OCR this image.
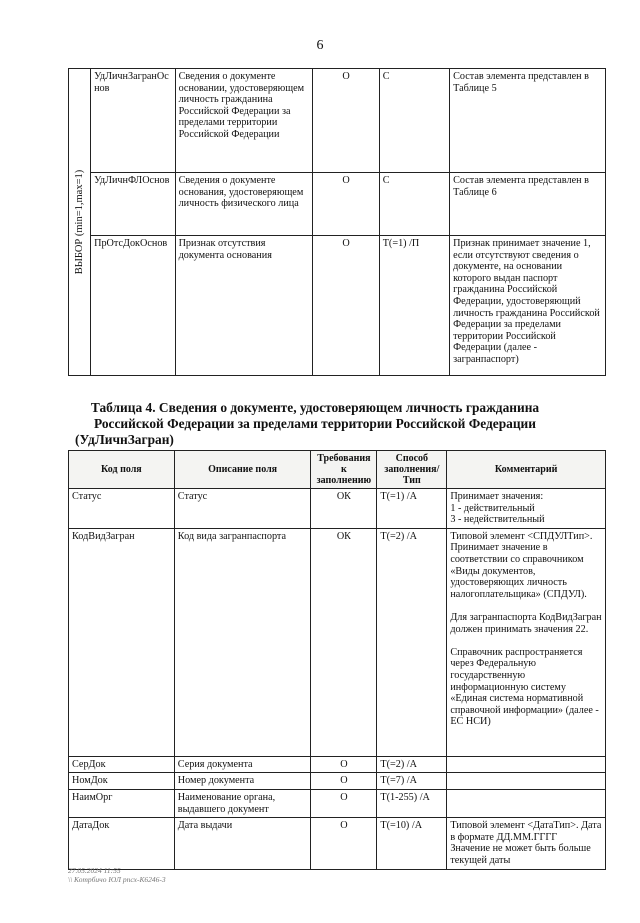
6
ВЫБОР (min=1,max=1)	УдЛичнЗагранОснов	Сведения о документе основании, удостоверяющем личность гражданина Российской Федерации за пределами территории Российской Федерации	О	С	Состав элемента представлен в Таблице 5
	УдЛичнФЛОснов	Сведения о документе основания, удостоверяющем личность физического лица	О	С	Состав элемента представлен в Таблице 6
	ПрОтсДокОснов	Признак отсутствия документа основания	О	Т(=1) /П	Признак принимает значение 1, если отсутствуют сведения о документе, на основании которого выдан паспорт гражданина Российской Федерации, удостоверяющий личность гражданина Российской Федерации за пределами территории Российской Федерации (далее - загранпаспорт)
Таблица 4. Сведения о документе, удостоверяющем личность гражданина
Российской Федерации за пределами территории Российской Федерации

(УдЛичнЗагран)
Код поля	Описание поля	Требования к заполнению	Способ заполнения/ Тип	Комментарий
Статус	Статус	ОК	Т(=1) /А	Принимает значения:
1 - действительный
3 - недействительный
КодВидЗагран	Код вида загранпаспорта	ОК	Т(=2) /А	Типовой элемент <СПДУЛТип>. Принимает значение в соответствии со справочником «Виды документов, удостоверяющих личность налогоплательщика» (СПДУЛ).

Для загранпаспорта КодВидЗагран должен принимать значения 22.

Справочник распространяется через Федеральную государственную информационную систему «Единая система нормативной справочной информации» (далее - ЕС НСИ)
СерДок	Серия документа	О	Т(=2) /А	
НомДок	Номер документа	О	Т(=7) /А	
НаимОрг	Наименование органа, выдавшего документ	О	Т(1-255) /А	
ДатаДок	Дата выдачи	О	Т(=10) /А	Типовой элемент <ДатаТип>. Дата в формате ДД.ММ.ГГГГ
Значение не может быть больше текущей даты
27.05.2024 11:55
\\ Котрбичо ЮЛ рпсх-К6246-3
